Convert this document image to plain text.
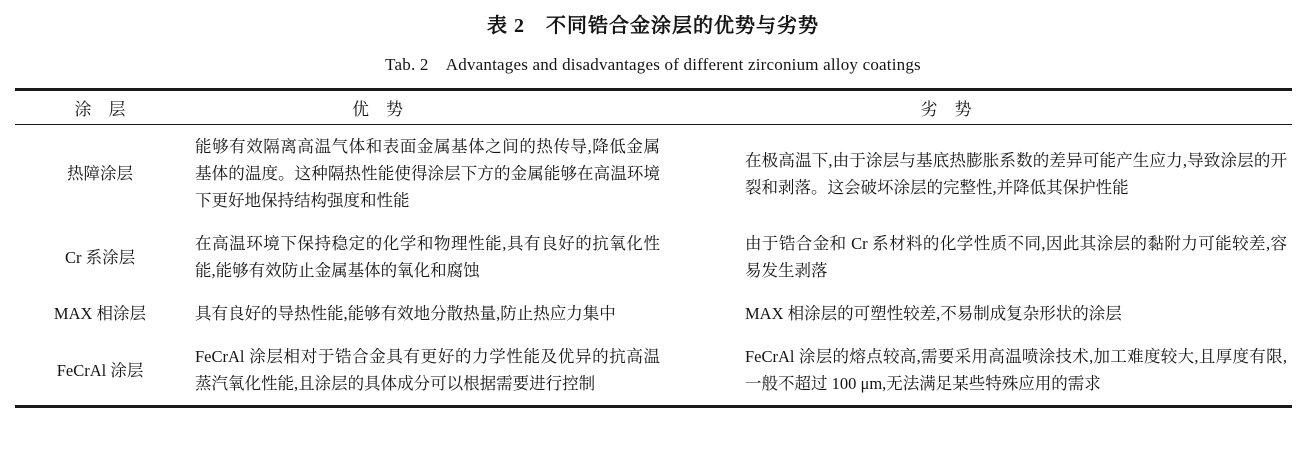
表 2　不同锆合金涂层的优势与劣势
Tab. 2　Advantages and disadvantages of different zirconium alloy coatings
涂　层	优　势	劣　势
热障涂层	能够有效隔离高温气体和表面金属基体之间的热传导,降低金属基体的温度。这种隔热性能使得涂层下方的金属能够在高温环境下更好地保持结构强度和性能	在极高温下,由于涂层与基底热膨胀系数的差异可能产生应力,导致涂层的开裂和剥落。这会破坏涂层的完整性,并降低其保护性能
Cr 系涂层	在高温环境下保持稳定的化学和物理性能,具有良好的抗氧化性能,能够有效防止金属基体的氧化和腐蚀	由于锆合金和 Cr 系材料的化学性质不同,因此其涂层的黏附力可能较差,容易发生剥落
MAX 相涂层	具有良好的导热性能,能够有效地分散热量,防止热应力集中	MAX 相涂层的可塑性较差,不易制成复杂形状的涂层
FeCrAl 涂层	FeCrAl 涂层相对于锆合金具有更好的力学性能及优异的抗高温蒸汽氧化性能,且涂层的具体成分可以根据需要进行控制	FeCrAl 涂层的熔点较高,需要采用高温喷涂技术,加工难度较大,且厚度有限,一般不超过 100 μm,无法满足某些特殊应用的需求
